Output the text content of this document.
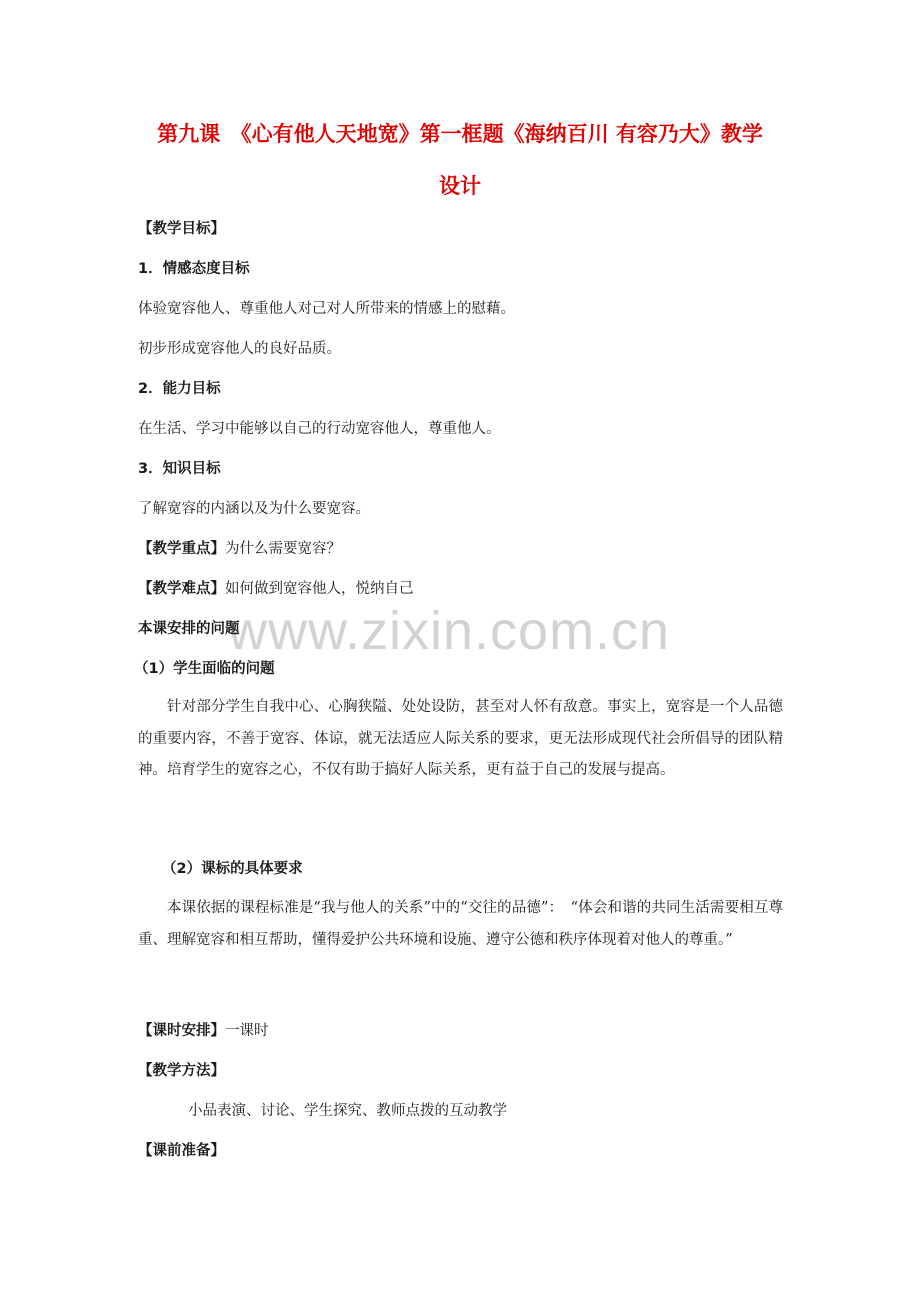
www.zixin.com.cn
第九课　《心有他人天地宽》第一框题《海纳百川 有容乃大》教学
设计
【教学目标】
1．情感态度目标
体验宽容他人、尊重他人对己对人所带来的情感上的慰藉。
初步形成宽容他人的良好品质。
2．能力目标
在生活、学习中能够以自己的行动宽容他人，尊重他人。
3．知识目标
了解宽容的内涵以及为什么要宽容。
【教学重点】为什么需要宽容？
【教学难点】如何做到宽容他人，悦纳自己
本课安排的问题
（1）学生面临的问题
针对部分学生自我中心、心胸狭隘、处处设防，甚至对人怀有敌意。事实上，宽容是一个人品德的重要内容，不善于宽容、体谅，就无法适应人际关系的要求，更无法形成现代社会所倡导的团队精神。培育学生的宽容之心，不仅有助于搞好人际关系，更有益于自己的发展与提高。
（2）课标的具体要求
本课依据的课程标准是“我与他人的关系”中的“交往的品德”：　“体会和谐的共同生活需要相互尊重、理解宽容和相互帮助，懂得爱护公共环境和设施、遵守公德和秩序体现着对他人的尊重。”
【课时安排】一课时
【教学方法】
小品表演、讨论、学生探究、教师点拨的互动教学
【课前准备】
